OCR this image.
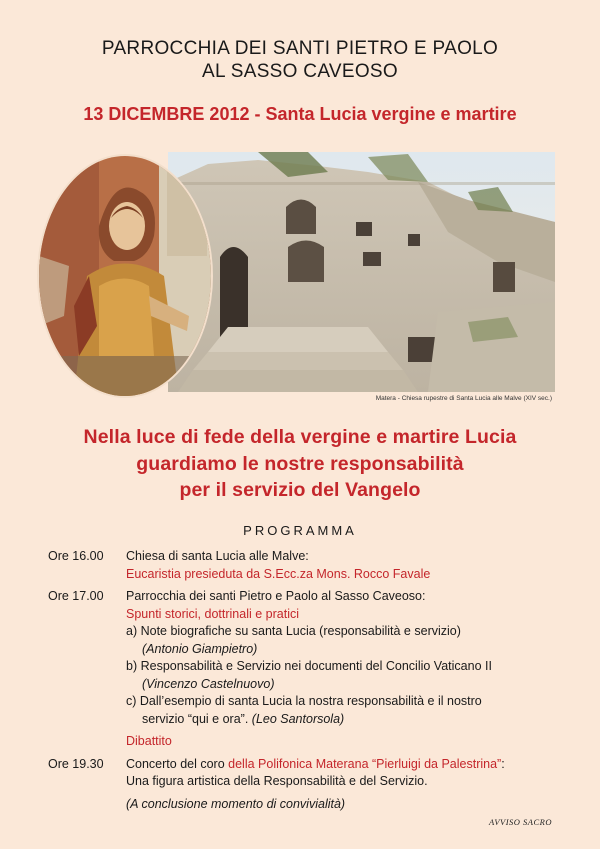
PARROCCHIA DEI SANTI PIETRO E PAOLO
AL SASSO CAVEOSO
13 DICEMBRE 2012 - Santa Lucia vergine e martire
Matera - Chiesa rupestre di Santa Lucia alle Malve (XIV sec.)
Nella luce di fede della vergine e martire Lucia
guardiamo le nostre responsabilità
per il servizio del Vangelo
PROGRAMMA
Ore 16.00	Chiesa di santa Lucia alle Malve:
Eucaristia presieduta da S.Ecc.za Mons. Rocco Favale
Ore 17.00	Parrocchia dei santi Pietro e Paolo al Sasso Caveoso:
Spunti storici, dottrinali e pratici
a) Note biografiche su santa Lucia (responsabilità e servizio)
(Antonio Giampietro)
b) Responsabilità e Servizio nei documenti del Concilio Vaticano II
(Vincenzo Castelnuovo)
c) Dall’esempio di santa Lucia la nostra responsabilità e il nostro
servizio “qui e ora”. (Leo Santorsola)
Dibattito
Ore 19.30	Concerto del coro della Polifonica Materana “Pierluigi da Palestrina”:
Una figura artistica della Responsabilità e del Servizio.
(A conclusione momento di convivialità)
AVVISO SACRO
